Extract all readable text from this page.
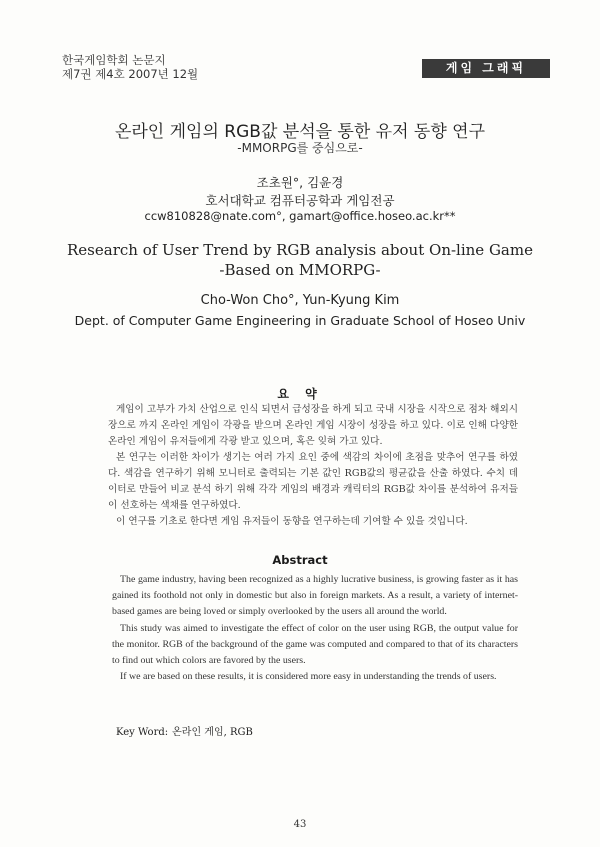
한국게임학회 논문지
제7권 제4호 2007년 12월	게임 그래픽
온라인 게임의 RGB값 분석을 통한 유저 동향 연구
-MMORPG를 중심으로-
조초원°, 김윤경
호서대학교 컴퓨터공학과 게임전공
ccw810828@nate.com°, gamart@office.hoseo.ac.kr**
Research of User Trend by RGB analysis about On-line Game
-Based on MMORPG-
Cho-Won Cho°, Yun-Kyung Kim
Dept. of Computer Game Engineering in Graduate School of Hoseo Univ
요 약

게임이 고부가 가치 산업으로 인식 되면서 급성장을 하게 되고 국내 시장을 시작으로 점차 해외시장으로 까지 온라인 게임이 각광을 받으며 온라인 게임 시장이 성장을 하고 있다. 이로 인해 다양한 온라인 게임이 유저들에게 각광 받고 있으며, 혹은 잊혀 가고 있다.

본 연구는 이러한 차이가 생기는 여러 가지 요인 중에 색감의 차이에 초점을 맞추어 연구를 하였다. 색감을 연구하기 위해 모니터로 출력되는 기본 값인 RGB값의 평균값을 산출 하였다. 수치 데이터로 만들어 비교 분석 하기 위해 각각 게임의 배경과 캐릭터의 RGB값 차이를 분석하여 유저들이 선호하는 색채를 연구하였다.

이 연구를 기초로 한다면 게임 유저들이 동향을 연구하는데 기여할 수 있을 것입니다.

Abstract

The game industry, having been recognized as a highly lucrative business, is growing faster as it has gained its foothold not only in domestic but also in foreign markets. As a result, a variety of internet-based games are being loved or simply overlooked by the users all around the world.

This study was aimed to investigate the effect of color on the user using RGB, the output value for the monitor. RGB of the background of the game was computed and compared to that of its characters to find out which colors are favored by the users.

If we are based on these results, it is considered more easy in understanding the trends of users.

Key Word: 온라인 게임, RGB
43
